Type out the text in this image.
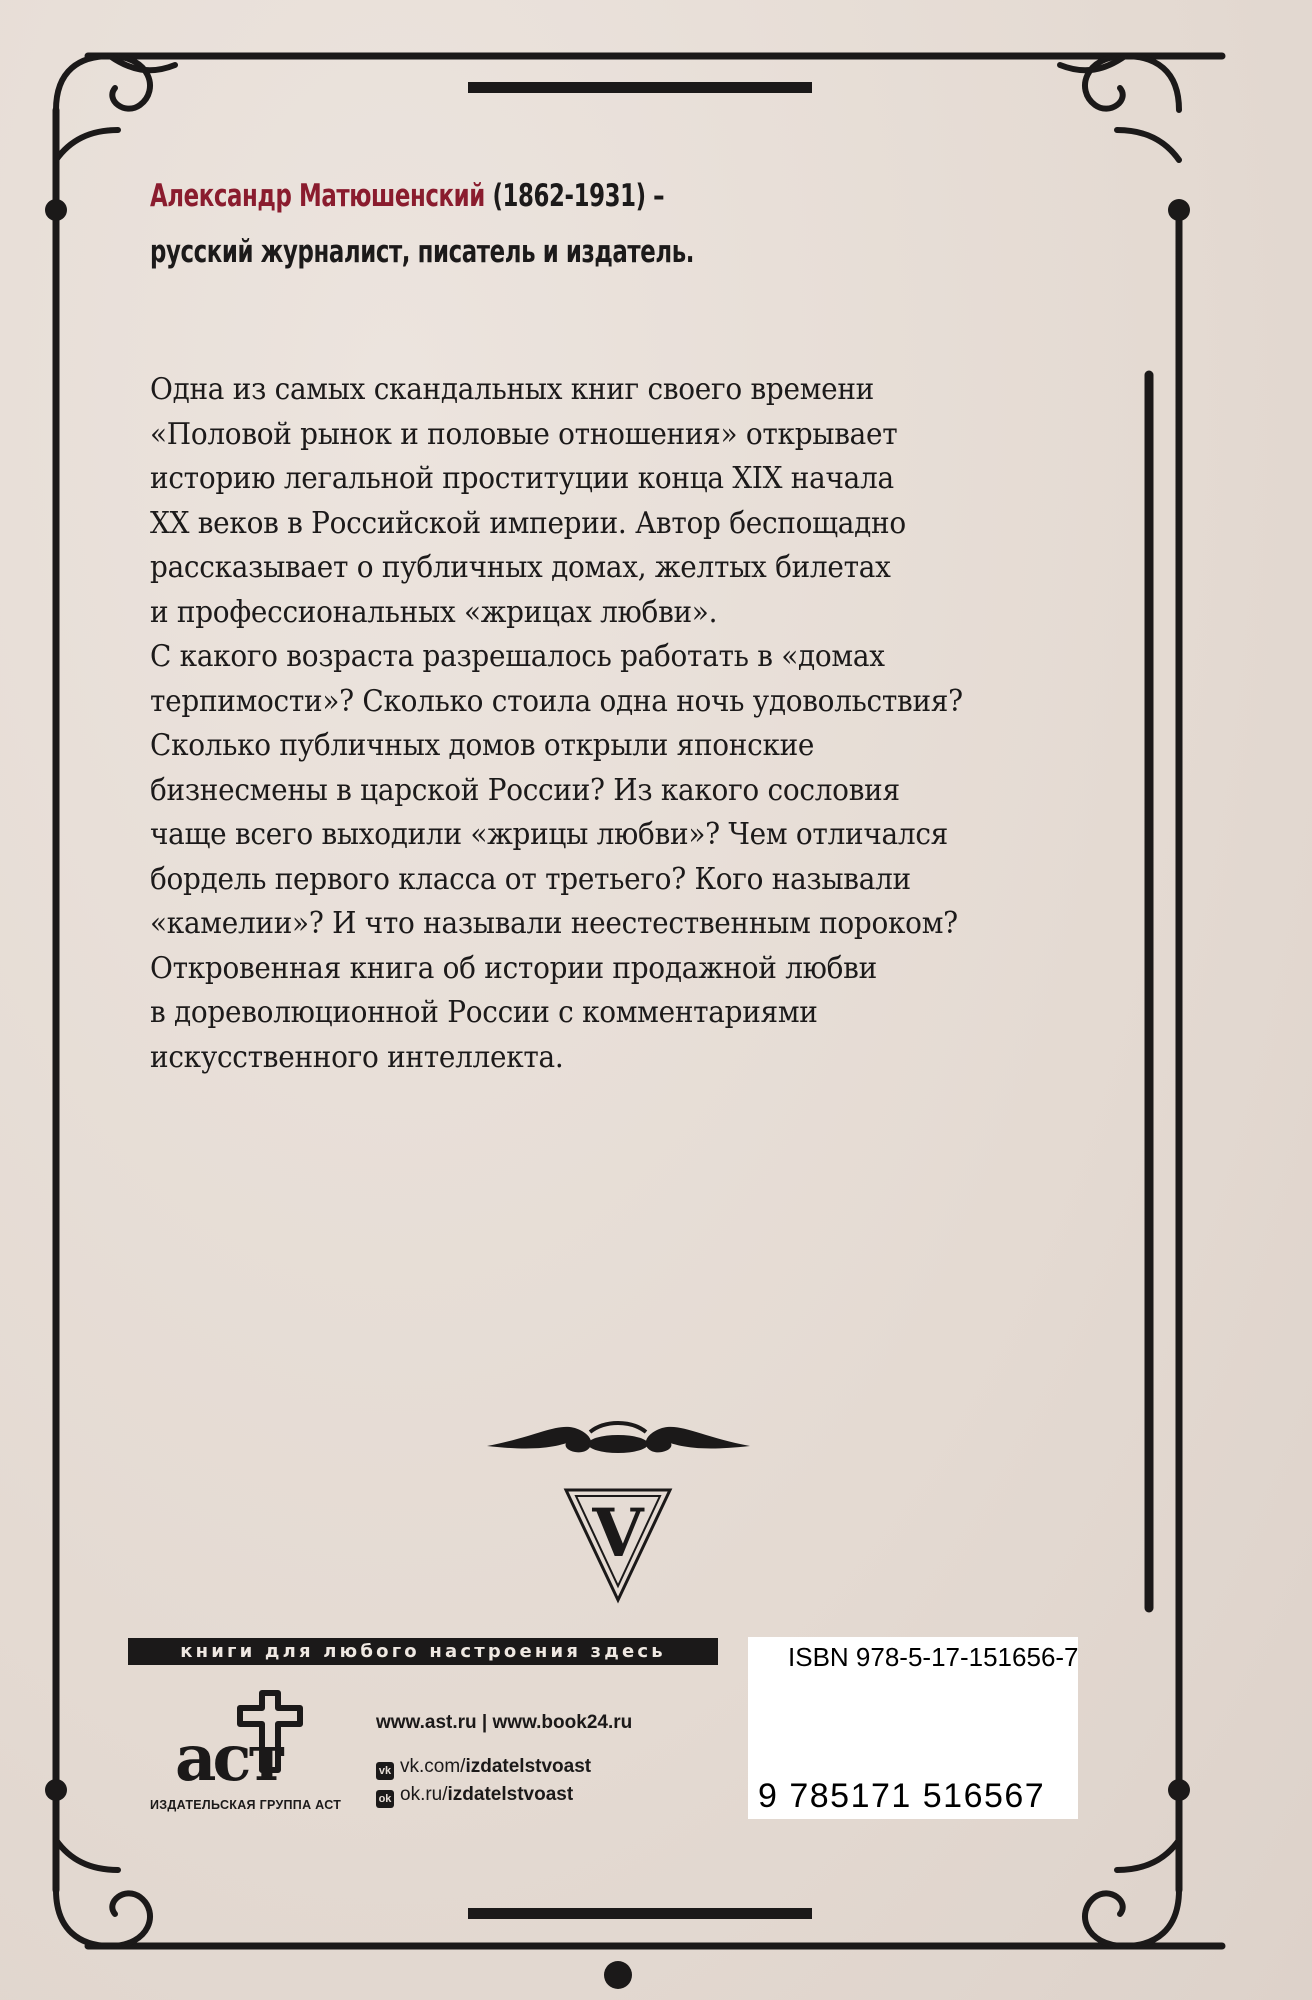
V
аст
Александр Матюшенский (1862-1931) –
русский журналист, писатель и издатель.

Одна из самых скандальных книг своего времени

«Половой рынок и половые отношения» открывает

историю легальной проституции конца XIX начала

XX веков в Российской империи. Автор беспощадно

рассказывает о публичных домах, желтых билетах

и профессиональных «жрицах любви».

С какого возраста разрешалось работать в «домах

терпимости»? Сколько стоила одна ночь удовольствия?

Сколько публичных домов открыли японские

бизнесмены в царской России? Из какого сословия

чаще всего выходили «жрицы любви»? Чем отличался

бордель первого класса от третьего? Кого называли

«камелии»? И что называли неестественным пороком?

Откровенная книга об истории продажной любви

в дореволюционной России с комментариями

искусственного интеллекта.

книги для любого настроения здесь
ИЗДАТЕЛЬСКАЯ ГРУППА АСТ
www.ast.ru | www.book24.ru
vk vk.com/izdatelstvoast
ok ok.ru/izdatelstvoast
ISBN 978-5-17-151656-7
9 785171 516567
